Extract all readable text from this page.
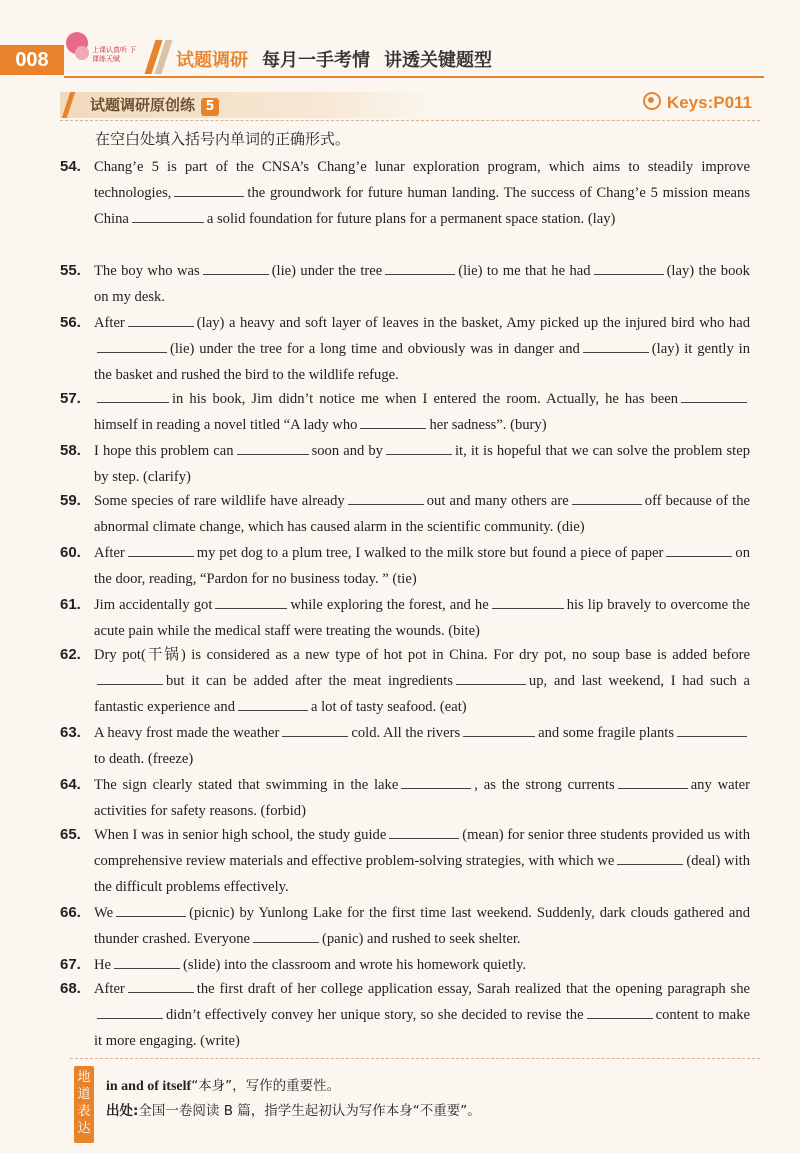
008	上课认真听 下课练天赋	试题调研 每月一手考情 讲透关键题型
试题调研原创练 5	Keys:P011
在空白处填入括号内单词的正确形式。
54. Chang’e 5 is part of the CNSA’s Chang’e lunar exploration program, which aims to steadily improve technologies,	the groundwork for future human landing. The success of Chang’e 5 mission means China	a solid foundation for future plans for a permanent space station. (lay)
55. The boy who was	(lie) under the tree	(lie) to me that he had	(lay) the book on my desk.
56. After	(lay) a heavy and soft layer of leaves in the basket, Amy picked up the injured bird who had(lie) under the tree for a long time and obviously was in danger and	(lay) it gently in the basket and rushed the bird to the wildlife refuge.
57.	in his book, Jim didn’t notice me when I entered the room. Actually, he has beenhimself in reading a novel titled “A lady who	her sadness”. (bury)
58. I hope this problem can	soon and by	it, it is hopeful that we can solve the problem step by step. (clarify)
59. Some species of rare wildlife have already	out and many others are	off because of the abnormal climate change, which has caused alarm in the scientific community. (die)
60. After	my pet dog to a plum tree, I walked to the milk store but found a piece of paper	on the door, reading, “Pardon for no business today. ” (tie)
61. Jim accidentally got	while exploring the forest, and he	his lip bravely to overcome the acute pain while the medical staff were treating the wounds. (bite)
62. Dry pot(干锅) is considered as a new type of hot pot in China. For dry pot, no soup base is added beforebut it can be added after the meat ingredients	up, and last weekend, I had such a fantastic experience and	a lot of tasty seafood. (eat)
63. A heavy frost made the weather	cold. All the rivers	and some fragile plantsto death. (freeze)
64. The sign clearly stated that swimming in the lake	, as the strong currents	any water activities for safety reasons. (forbid)
65. When I was in senior high school, the study guide	(mean) for senior three students provided us with comprehensive review materials and effective problem-solving strategies, with which we	(deal) with the difficult problems effectively.
66. We	(picnic) by Yunlong Lake for the first time last weekend. Suddenly, dark clouds gathered and thunder crashed. Everyone	(panic) and rushed to seek shelter.
67. He	(slide) into the classroom and wrote his homework quietly.
68. After	the first draft of her college application essay, Sarah realized that the opening paragraph shedidn’t effectively convey her unique story, so she decided to revise the	content to make it more engaging. (write)
地道表达
in and of itself“本身”，写作的重要性。
出处:全国一卷阅读 B 篇，指学生起初认为写作本身“不重要”。
